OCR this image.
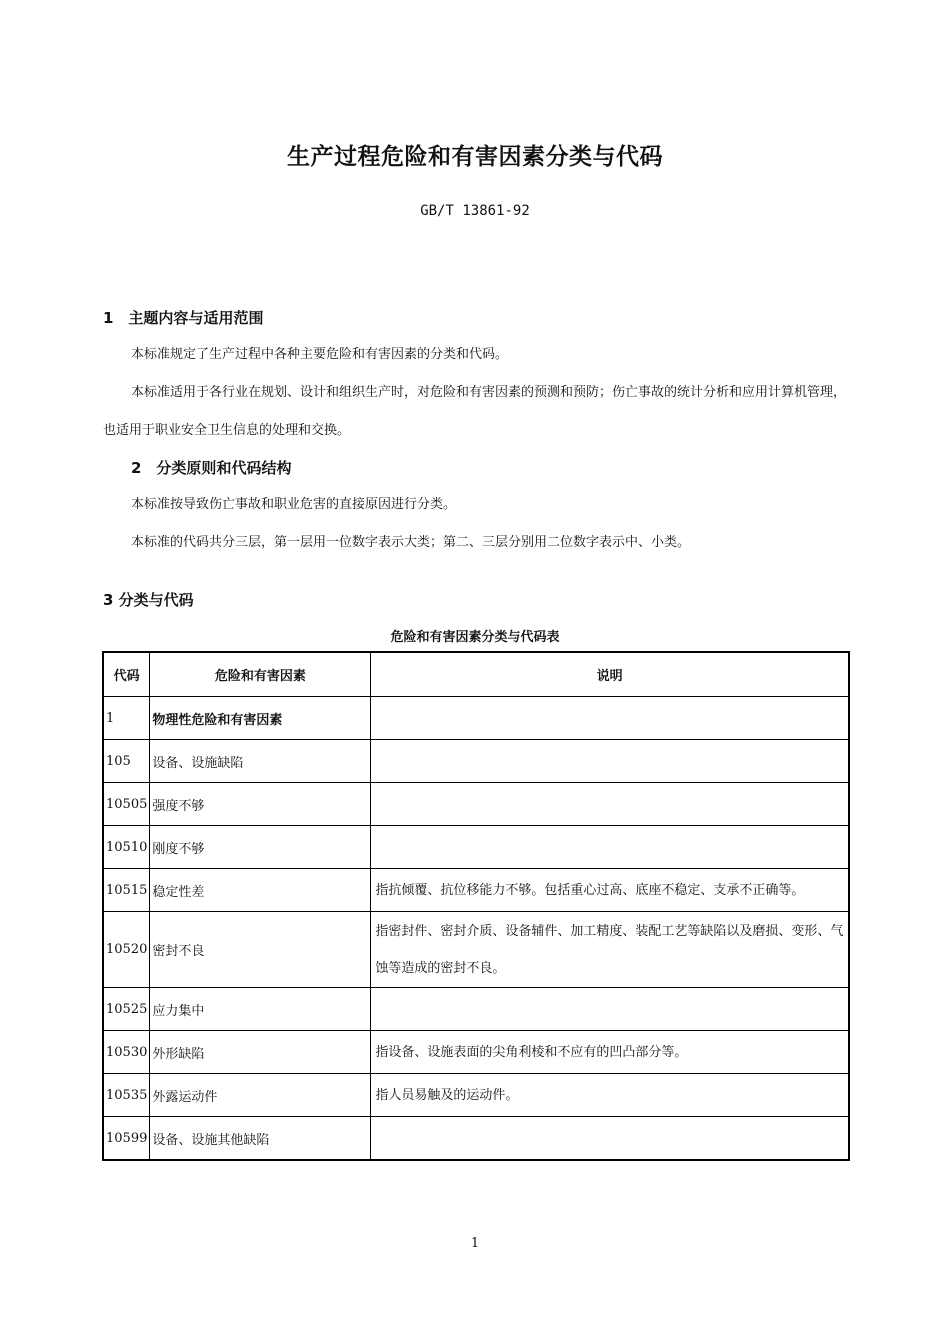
生产过程危险和有害因素分类与代码
GB/T 13861-92
1　主题内容与适用范围
本标准规定了生产过程中各种主要危险和有害因素的分类和代码。
本标准适用于各行业在规划、设计和组织生产时，对危险和有害因素的预测和预防；伤亡事故的统计分析和应用计算机管理，也适用于职业安全卫生信息的处理和交换。
2　分类原则和代码结构
本标准按导致伤亡事故和职业危害的直接原因进行分类。
本标准的代码共分三层，第一层用一位数字表示大类；第二、三层分别用二位数字表示中、小类。
3 分类与代码
危险和有害因素分类与代码表
代码	危险和有害因素	说明
1	物理性危险和有害因素	
105	设备、设施缺陷	
10505	强度不够	
10510	刚度不够	
10515	稳定性差	指抗倾覆、抗位移能力不够。包括重心过高、底座不稳定、支承不正确等。
10520	密封不良	指密封件、密封介质、设备辅件、加工精度、装配工艺等缺陷以及磨损、变形、气蚀等造成的密封不良。
10525	应力集中	
10530	外形缺陷	指设备、设施表面的尖角利棱和不应有的凹凸部分等。
10535	外露运动件	指人员易触及的运动件。
10599	设备、设施其他缺陷	
1
